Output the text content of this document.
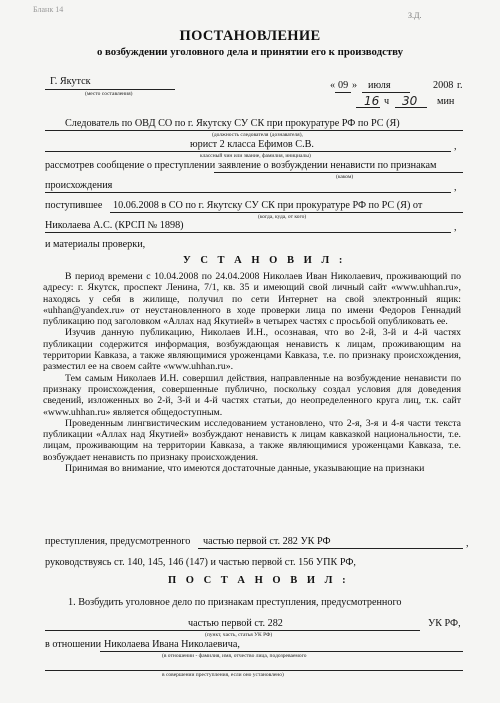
Бланк 14
З.Д.
ПОСТАНОВЛЕНИЕ
о возбуждении уголовного дела и принятии его к производству
Г. Якутск
(место составления)
« 09 » июля	2008 г.
16 ч 30 мин
Следователь по ОВД СО по г. Якутску СУ СК при прокуратуре РФ по РС (Я)
(должность следователя (дознавателя),
юрист 2 класса Ефимов С.В.	,
классный чин или звание, фамилия, инициалы)
рассмотрев сообщение о преступлении заявление о возбуждении ненависти по признакам
(каком)
происхождения	,
поступившее 10.06.2008 в СО по г. Якутску СУ СК при прокуратуре РФ по РС (Я) от
(когда, куда, от кого)
Николаева А.С. (КРСП № 1898)	,
и материалы проверки,
У С Т А Н О В И Л :

В период времени с 10.04.2008 по 24.04.2008 Николаев Иван Николаевич, проживающий по адресу: г. Якутск, проспект Ленина, 7/1, кв. 35 и имеющий свой личный сайт «www.uhhan.ru», находясь у себя в жилище, получил по сети Интернет на свой электронный ящик: «uhhan@yandex.ru» от неустановленного в ходе проверки лица по имени Федоров Геннадий публикацию под заголовком «Аллах над Якутией» в четырех частях с просьбой опубликовать ее.

Изучив данную публикацию, Николаев И.Н., осознавая, что во 2-й, 3-й и 4-й частях публикации содержится информация, возбуждающая ненависть к лицам, проживающим на территории Кавказа, а также являющимися уроженцами Кавказа, т.е. по признаку происхождения, разместил ее на своем сайте «www.uhhan.ru».

Тем самым Николаев И.Н. совершил действия, направленные на возбуждение ненависти по признаку происхождения, совершенные публично, поскольку создал условия для доведения сведений, изложенных во 2-й, 3-й и 4-й частях статьи, до неопределенного круга лиц, т.к. сайт «www.uhhan.ru» является общедоступным.

Проведенным лингвистическим исследованием установлено, что 2-я, 3-я и 4-я части текста публикации «Аллах над Якутией» возбуждают ненависть к лицам кавказкой национальности, т.е. лицам, проживающим на территории Кавказа, а также являющимися уроженцами Кавказа, т.е. возбуждает ненависть по признаку происхождения.

Принимая во внимание, что имеются достаточные данные, указывающие на признаки

преступления, предусмотренного частью первой ст. 282 УК РФ	,
руководствуясь ст. 140, 145, 146 (147) и частью первой ст. 156 УПК РФ,
П О С Т А Н О В И Л :
1. Возбудить уголовное дело по признакам преступления, предусмотренного
частью первой ст. 282	УК РФ,
(пункт, часть, статья УК РФ)
в отношении Николаева Ивана Николаевича,
(в отношении - фамилия, имя, отчество лица, подозреваемого
в совершении преступления, если оно установлено)
